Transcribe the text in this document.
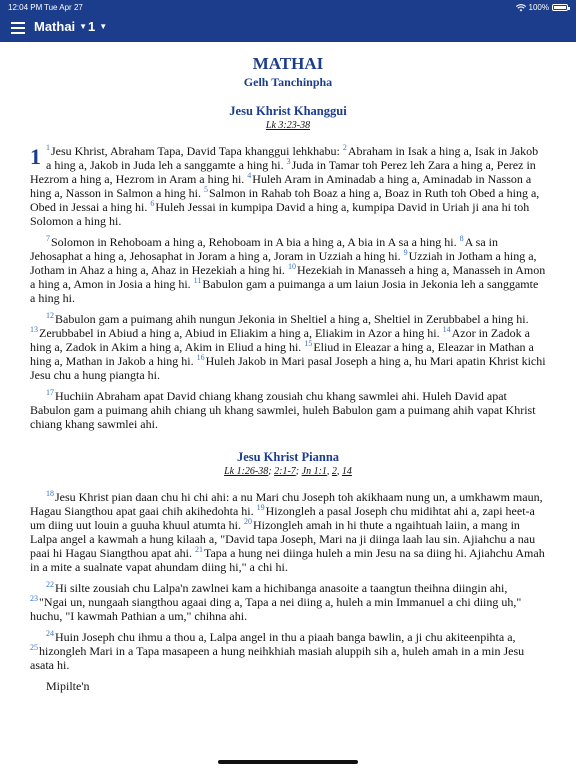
12:04 PM Tue Apr 27	100%
Mathai ▼ 1 ▼
MATHAI
Gelh Tanchinpha
Jesu Khrist Khanggui
Lk 3:23-38

1 $^1$Jesu Khrist, Abraham Tapa, David Tapa khanggui lehkhabu: $^2$Abraham in Isak a hing a, Isak in Jakob a hing a, Jakob in Juda leh a sanggamte a hing hi. $^3$Juda in Tamar toh Perez leh Zara a hing a, Perez in Hezrom a hing a, Hezrom in Aram a hing hi. $^4$Huleh Aram in Aminadab a hing a, Aminadab in Nasson a hing a, Nasson in Salmon a hing hi. $^5$Salmon in Rahab toh Boaz a hing a, Boaz in Ruth toh Obed a hing a, Obed in Jessai a hing hi. $^6$Huleh Jessai in kumpipa David a hing a, kumpipa David in Uriah ji ana hi toh Solomon a hing hi.

$^7$Solomon in Rehoboam a hing a, Rehoboam in A bia a hing a, A bia in A sa a hing hi. $^8$A sa in Jehosaphat a hing a, Jehosaphat in Joram a hing a, Joram in Uzziah a hing hi. $^9$Uzziah in Jotham a hing a, Jotham in Ahaz a hing a, Ahaz in Hezekiah a hing hi. $^{10}$Hezekiah in Manasseh a hing a, Manasseh in Amon a hing a, Amon in Josia a hing hi. $^{11}$Babulon gam a puimanga a um laiun Josia in Jekonia leh a sanggamte a hing hi.

$^{12}$Babulon gam a puimang ahih nungun Jekonia in Sheltiel a hing a, Sheltiel in Zerubbabel a hing hi. $^{13}$Zerubbabel in Abiud a hing a, Abiud in Eliakim a hing a, Eliakim in Azor a hing hi. $^{14}$Azor in Zadok a hing a, Zadok in Akim a hing a, Akim in Eliud a hing hi. $^{15}$Eliud in Eleazar a hing a, Eleazar in Mathan a hing a, Mathan in Jakob a hing hi. $^{16}$Huleh Jakob in Mari pasal Joseph a hing a, hu Mari apatin Khrist kichi Jesu chu a hung piangta hi.

$^{17}$Huchiin Abraham apat David chiang khang zousiah chu khang sawmlei ahi. Huleh David apat Babulon gam a puimang ahih chiang uh khang sawmlei, huleh Babulon gam a puimang ahih vapat Khrist chiang khang sawmlei ahi.

Jesu Khrist Pianna
Lk 1:26-38; 2:1-7; Jn 1:1, 2, 14

$^{18}$Jesu Khrist pian daan chu hi chi ahi: a nu Mari chu Joseph toh akikhaam nung un, a umkhawm maun, Hagau Siangthou apat gaai chih akihedohta hi. $^{19}$Hizongleh a pasal Joseph chu midihtat ahi a, zapi heet-a um diing uut louin a guuha khuul atumta hi. $^{20}$Hizongleh amah in hi thute a ngaihtuah laiin, a mang in Lalpa angel a kawmah a hung kilaah a, "David tapa Joseph, Mari na ji diinga laah lau sin. Ajiahchu a nau paai hi Hagau Siangthou apat ahi. $^{21}$Tapa a hung nei diinga huleh a min Jesu na sa diing hi. Ajiahchu Amah in a mite a sualnate vapat ahundam diing hi," a chi hi.

$^{22}$Hi silte zousiah chu Lalpa'n zawlnei kam a hichibanga anasoite a taangtun theihna diingin ahi, $^{23}$"Ngai un, nungaah siangthou agaai ding a, Tapa a nei diing a, huleh a min Immanuel a chi diing uh," huchu, "I kawmah Pathian a um," chihna ahi.

$^{24}$Huin Joseph chu ihmu a thou a, Lalpa angel in thu a piaah banga bawlin, a ji chu akiteenpihta a, $^{25}$hizongleh Mari in a Tapa masapeen a hung neihkhiah masiah aluppih sih a, huleh amah in a min Jesu asata hi.

Mipilte'n
